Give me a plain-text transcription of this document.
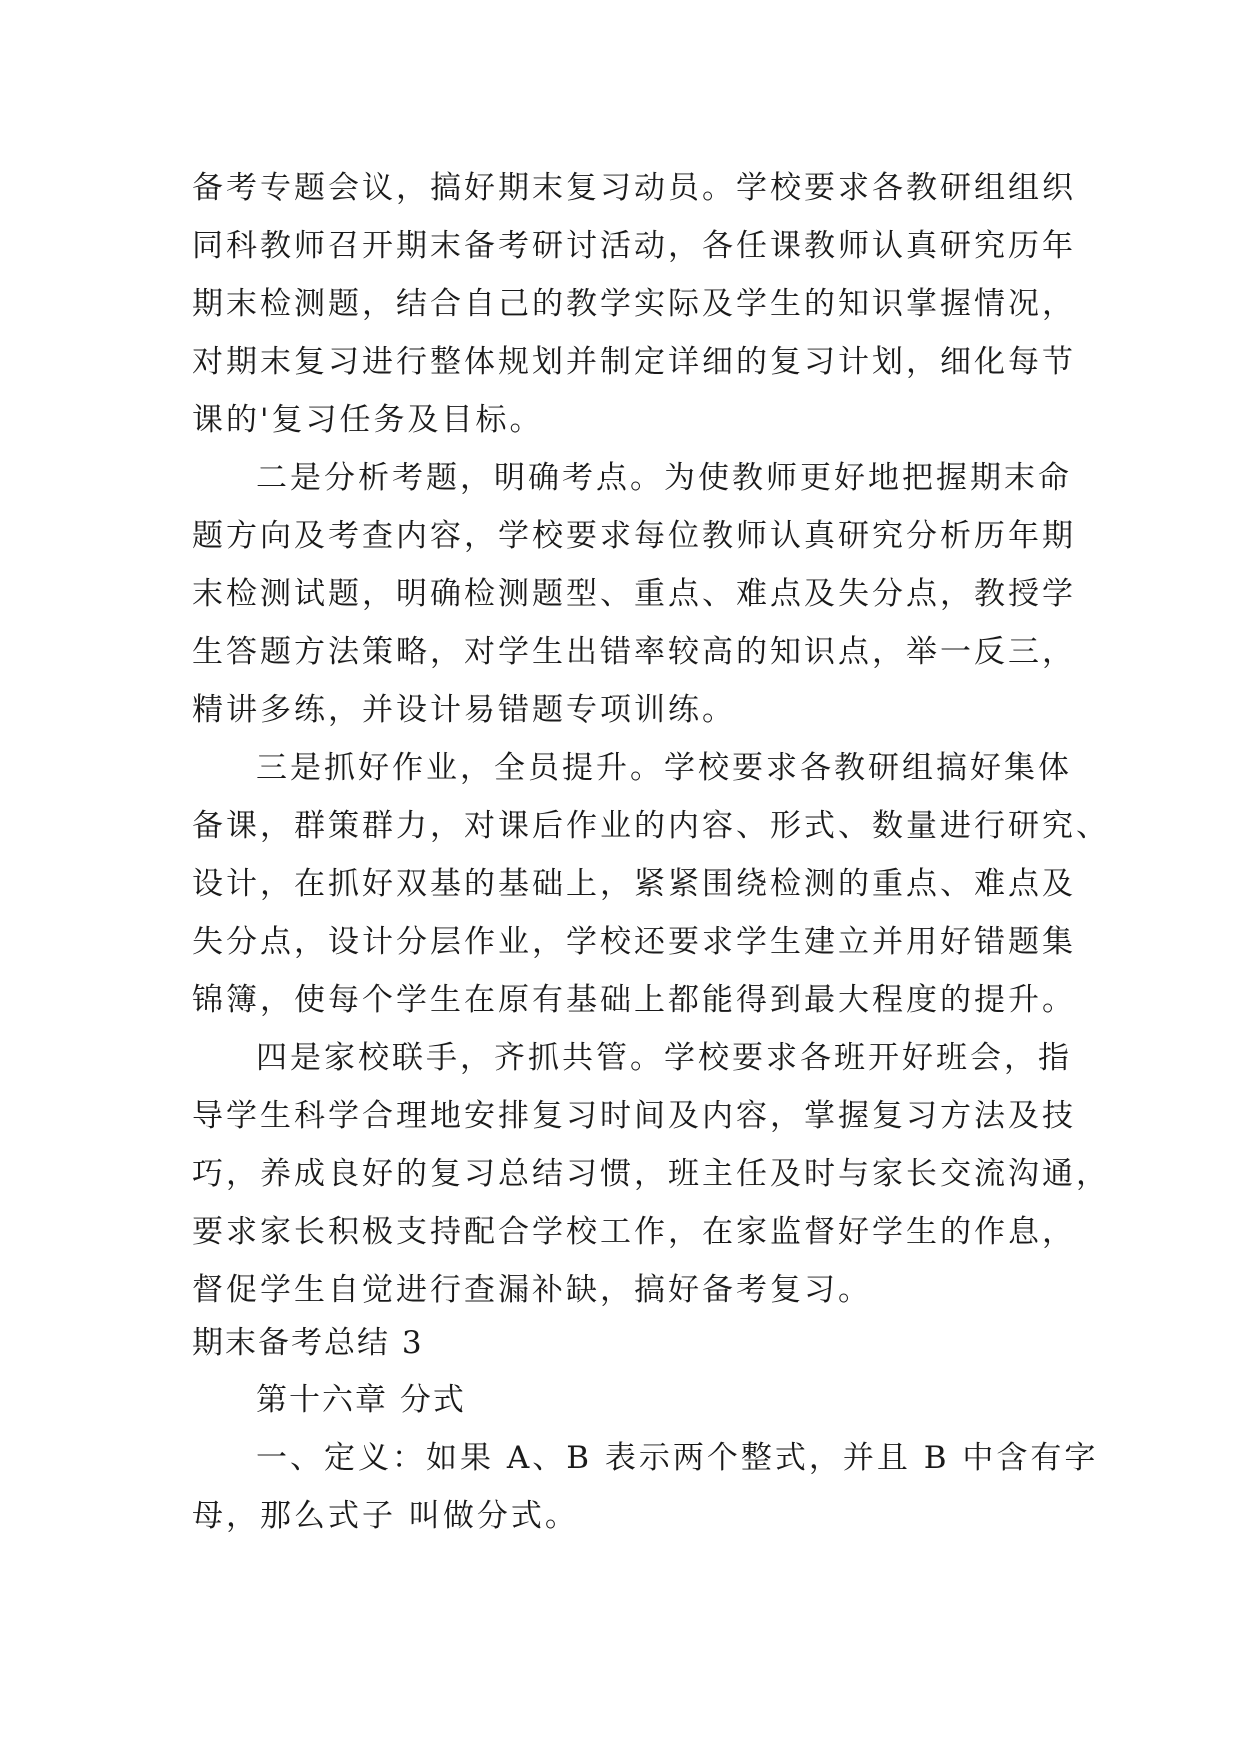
备考专题会议，搞好期末复习动员。学校要求各教研组组织
同科教师召开期末备考研讨活动，各任课教师认真研究历年
期末检测题，结合自己的教学实际及学生的知识掌握情况，
对期末复习进行整体规划并制定详细的复习计划，细化每节
课的'复习任务及目标。
二是分析考题，明确考点。为使教师更好地把握期末命
题方向及考查内容，学校要求每位教师认真研究分析历年期
末检测试题，明确检测题型、重点、难点及失分点，教授学
生答题方法策略，对学生出错率较高的知识点，举一反三，
精讲多练，并设计易错题专项训练。
三是抓好作业，全员提升。学校要求各教研组搞好集体
备课，群策群力，对课后作业的内容、形式、数量进行研究、
设计，在抓好双基的基础上，紧紧围绕检测的重点、难点及
失分点，设计分层作业，学校还要求学生建立并用好错题集
锦簿，使每个学生在原有基础上都能得到最大程度的提升。
四是家校联手，齐抓共管。学校要求各班开好班会，指
导学生科学合理地安排复习时间及内容，掌握复习方法及技
巧，养成良好的复习总结习惯，班主任及时与家长交流沟通，
要求家长积极支持配合学校工作，在家监督好学生的作息，
督促学生自觉进行查漏补缺，搞好备考复习。
期末备考总结 3
第十六章 分式
一、定义：如果 A、B 表示两个整式，并且 B 中含有字
母，那么式子 叫做分式。
